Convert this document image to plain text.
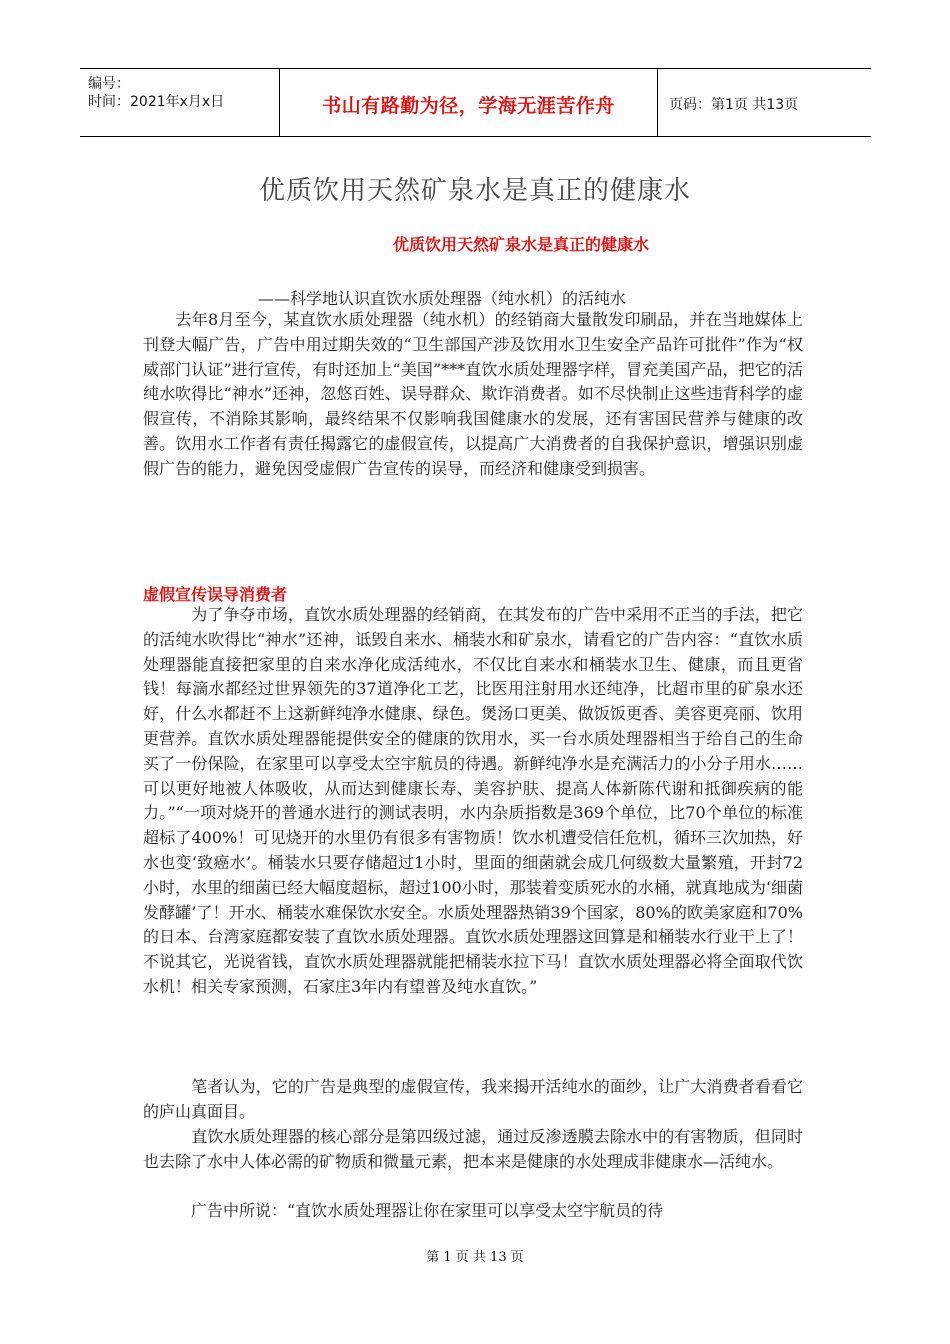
编号：
时间：2021年x月x日	书山有路勤为径，学海无涯苦作舟	页码：第1页 共13页
优质饮用天然矿泉水是真正的健康水
优质饮用天然矿泉水是真正的健康水
——科学地认识直饮水质处理器（纯水机）的活纯水
　　去年8月至今，某直饮水质处理器（纯水机）的经销商大量散发印刷品，并在当地媒体上刊登大幅广告，广告中用过期失效的“卫生部国产涉及饮用水卫生安全产品许可批件”作为“权威部门认证”进行宣传，有时还加上“美国”***直饮水质处理器字样，冒充美国产品，把它的活纯水吹得比“神水”还神，忽悠百姓、误导群众、欺诈消费者。如不尽快制止这些违背科学的虚假宣传，不消除其影响，最终结果不仅影响我国健康水的发展，还有害国民营养与健康的改善。饮用水工作者有责任揭露它的虚假宣传，以提高广大消费者的自我保护意识，增强识别虚假广告的能力，避免因受虚假广告宣传的误导，而经济和健康受到损害。
虚假宣传误导消费者
　　　为了争夺市场，直饮水质处理器的经销商，在其发布的广告中采用不正当的手法，把它的活纯水吹得比“神水”还神，诋毁自来水、桶装水和矿泉水，请看它的广告内容：“直饮水质处理器能直接把家里的自来水净化成活纯水，不仅比自来水和桶装水卫生、健康，而且更省钱！每滴水都经过世界领先的37道净化工艺，比医用注射用水还纯净，比超市里的矿泉水还好，什么水都赶不上这新鲜纯净水健康、绿色。煲汤口更美、做饭饭更香、美容更亮丽、饮用更营养。直饮水质处理器能提供安全的健康的饮用水，买一台水质处理器相当于给自己的生命买了一份保险，在家里可以享受太空宇航员的待遇。新鲜纯净水是充满活力的小分子用水……可以更好地被人体吸收，从而达到健康长寿、美容护肤、提高人体新陈代谢和抵御疾病的能力。”“一项对烧开的普通水进行的测试表明，水内杂质指数是369个单位，比70个单位的标准超标了400%！可见烧开的水里仍有很多有害物质！饮水机遭受信任危机，循环三次加热，好水也变‘致癌水’。桶装水只要存储超过1小时，里面的细菌就会成几何级数大量繁殖，开封72小时，水里的细菌已经大幅度超标，超过100小时，那装着变质死水的水桶，就真地成为‘细菌发酵罐’了！开水、桶装水难保饮水安全。水质处理器热销39个国家，80%的欧美家庭和70%的日本、台湾家庭都安装了直饮水质处理器。直饮水质处理器这回算是和桶装水行业干上了！不说其它，光说省钱，直饮水质处理器就能把桶装水拉下马！直饮水质处理器必将全面取代饮水机！相关专家预测，石家庄3年内有望普及纯水直饮。”
　　　笔者认为，它的广告是典型的虚假宣传，我来揭开活纯水的面纱，让广大消费者看看它的庐山真面目。
　　　直饮水质处理器的核心部分是第四级过滤，通过反渗透膜去除水中的有害物质，但同时也去除了水中人体必需的矿物质和微量元素，把本来是健康的水处理成非健康水—活纯水。
　　　广告中所说：“直饮水质处理器让你在家里可以享受太空宇航员的待
第 1 页 共 13 页
